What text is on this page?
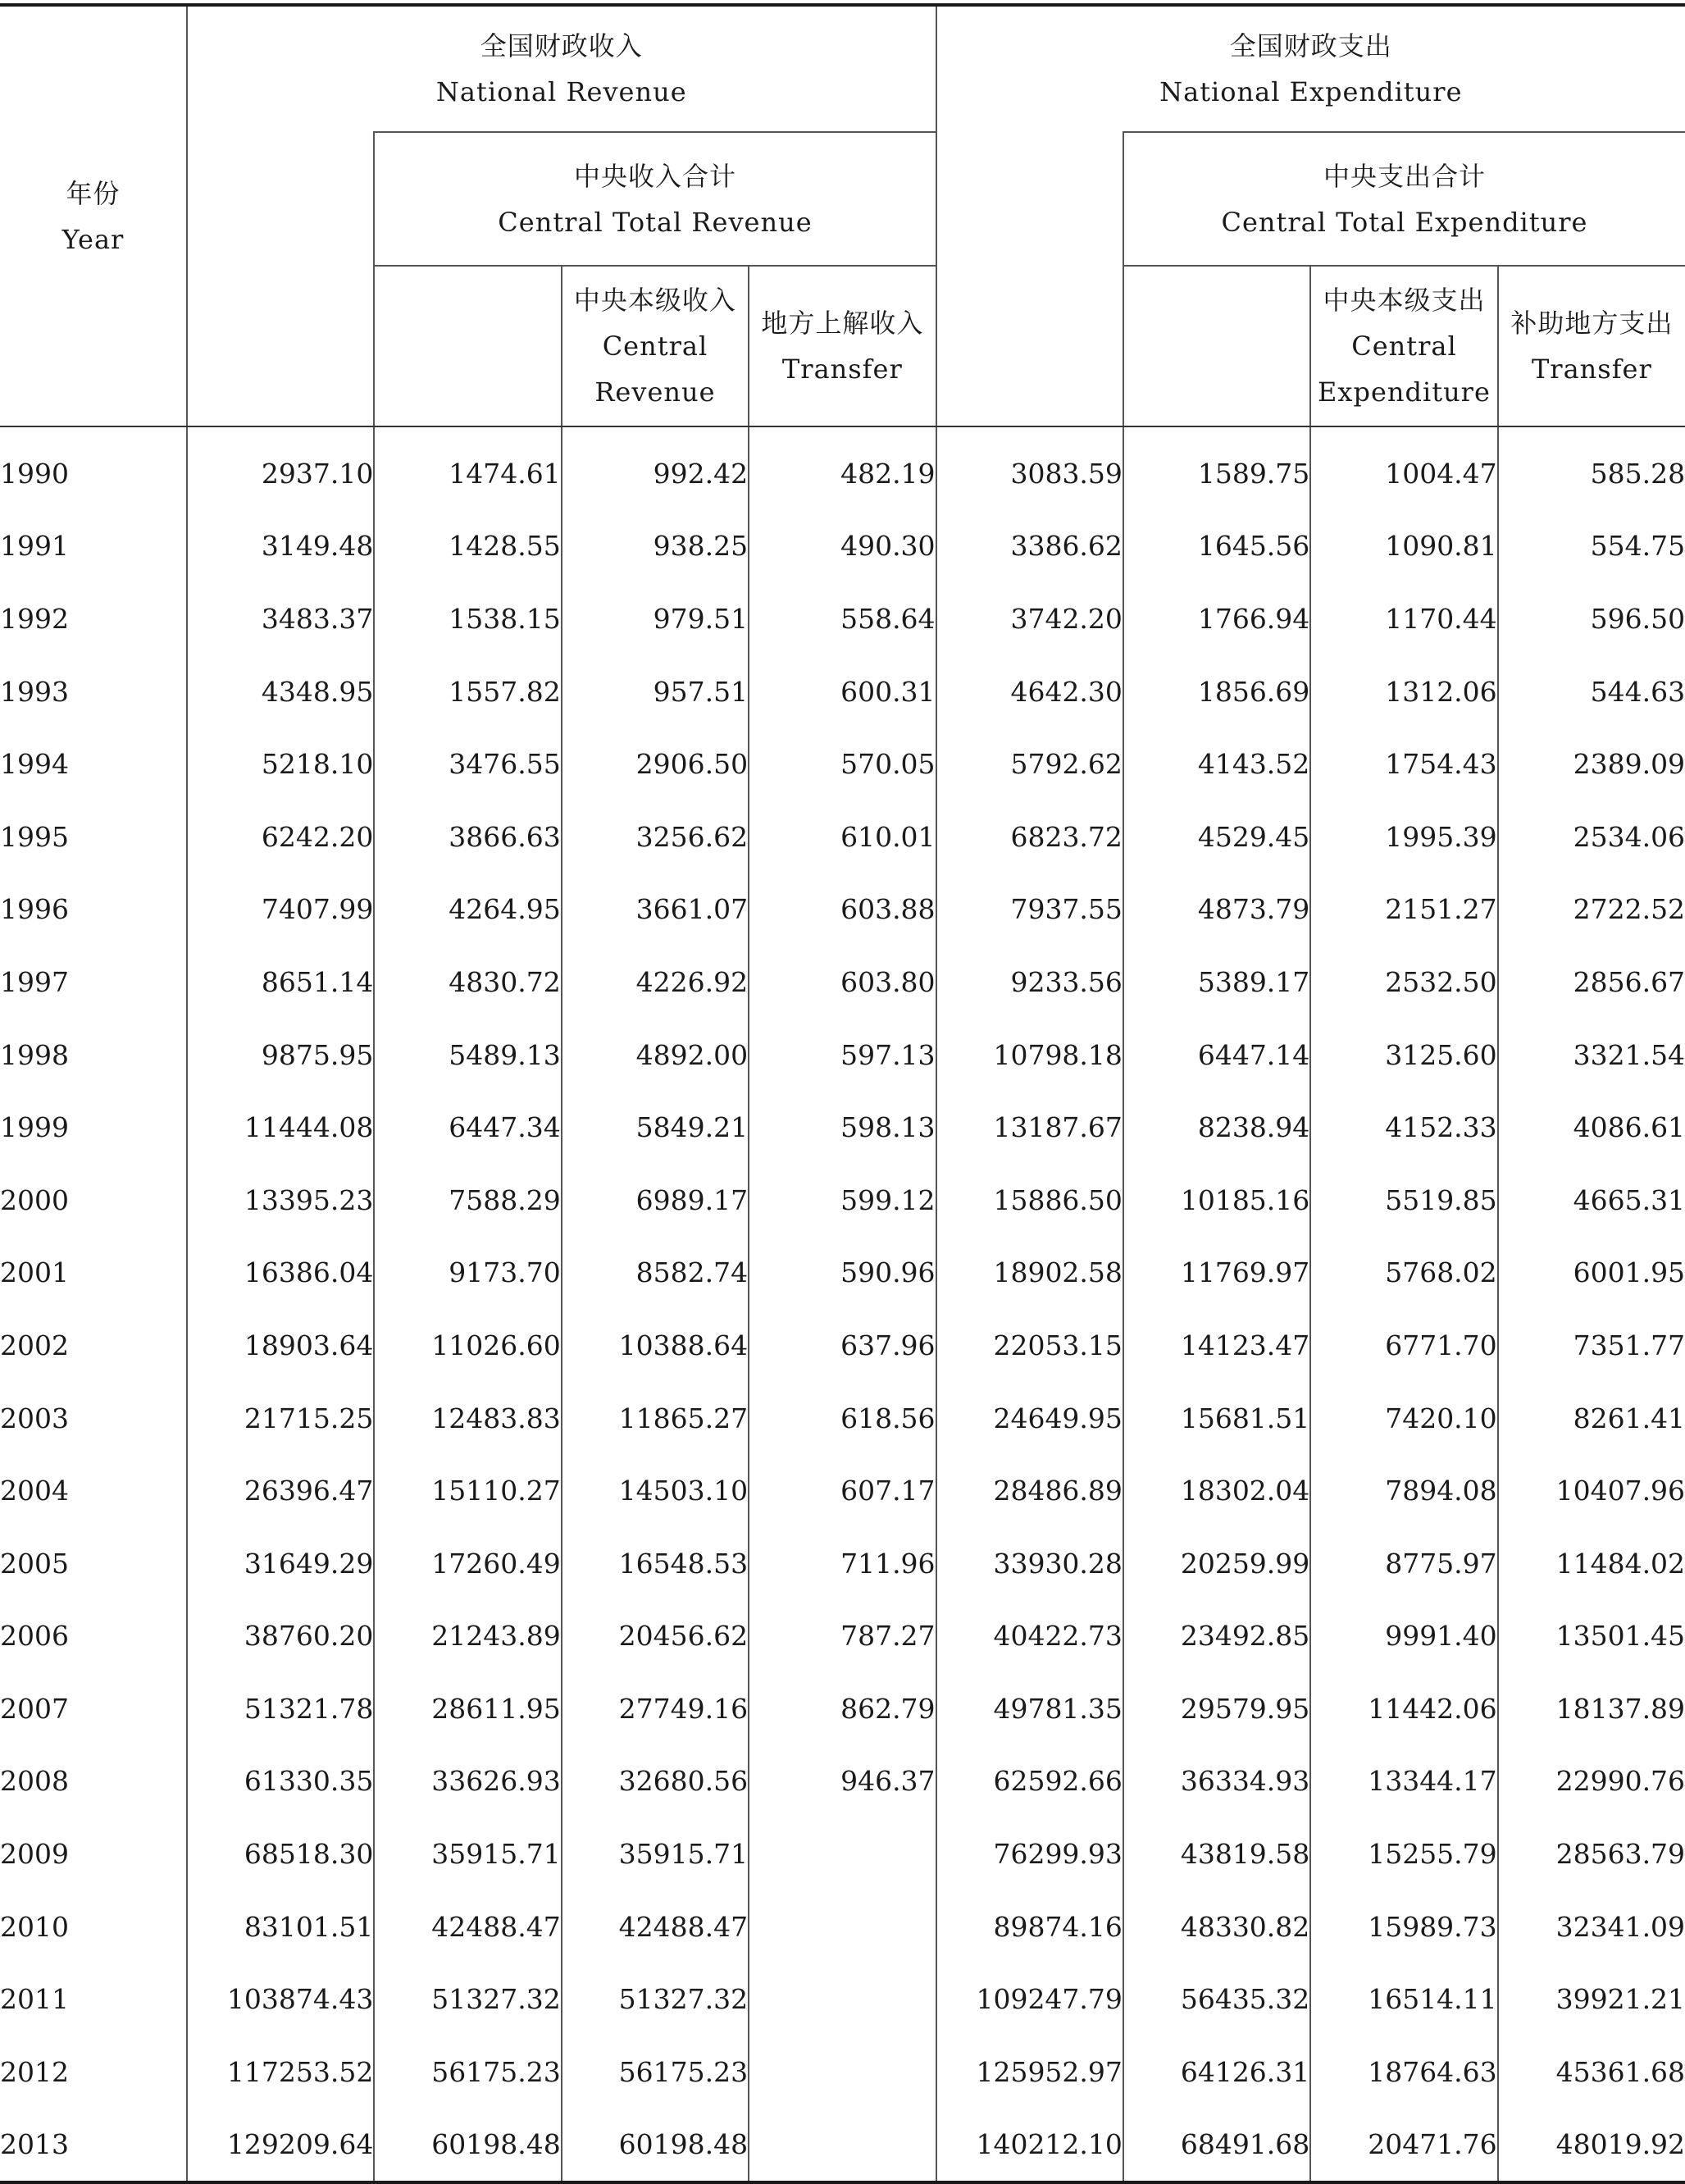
年份
Year	全国财政收入
National Revenue				全国财政支出
National Expenditure			

		中央收入合计
Central Total Revenue				中央支出合计
Central Total Expenditure		

			中央本级收入
Central
Revenue	地方上解收入
Transfer			中央本级支出
Central
Expenditure	补助地方支出
Transfer

1990	2937.10	1474.61	992.42	482.19	3083.59	1589.75	1004.47	585.28
1991	3149.48	1428.55	938.25	490.30	3386.62	1645.56	1090.81	554.75
1992	3483.37	1538.15	979.51	558.64	3742.20	1766.94	1170.44	596.50
1993	4348.95	1557.82	957.51	600.31	4642.30	1856.69	1312.06	544.63
1994	5218.10	3476.55	2906.50	570.05	5792.62	4143.52	1754.43	2389.09
1995	6242.20	3866.63	3256.62	610.01	6823.72	4529.45	1995.39	2534.06
1996	7407.99	4264.95	3661.07	603.88	7937.55	4873.79	2151.27	2722.52
1997	8651.14	4830.72	4226.92	603.80	9233.56	5389.17	2532.50	2856.67
1998	9875.95	5489.13	4892.00	597.13	10798.18	6447.14	3125.60	3321.54
1999	11444.08	6447.34	5849.21	598.13	13187.67	8238.94	4152.33	4086.61
2000	13395.23	7588.29	6989.17	599.12	15886.50	10185.16	5519.85	4665.31
2001	16386.04	9173.70	8582.74	590.96	18902.58	11769.97	5768.02	6001.95
2002	18903.64	11026.60	10388.64	637.96	22053.15	14123.47	6771.70	7351.77
2003	21715.25	12483.83	11865.27	618.56	24649.95	15681.51	7420.10	8261.41
2004	26396.47	15110.27	14503.10	607.17	28486.89	18302.04	7894.08	10407.96
2005	31649.29	17260.49	16548.53	711.96	33930.28	20259.99	8775.97	11484.02
2006	38760.20	21243.89	20456.62	787.27	40422.73	23492.85	9991.40	13501.45
2007	51321.78	28611.95	27749.16	862.79	49781.35	29579.95	11442.06	18137.89
2008	61330.35	33626.93	32680.56	946.37	62592.66	36334.93	13344.17	22990.76
2009	68518.30	35915.71	35915.71		76299.93	43819.58	15255.79	28563.79
2010	83101.51	42488.47	42488.47		89874.16	48330.82	15989.73	32341.09
2011	103874.43	51327.32	51327.32		109247.79	56435.32	16514.11	39921.21
2012	117253.52	56175.23	56175.23		125952.97	64126.31	18764.63	45361.68
2013	129209.64	60198.48	60198.48		140212.10	68491.68	20471.76	48019.92
